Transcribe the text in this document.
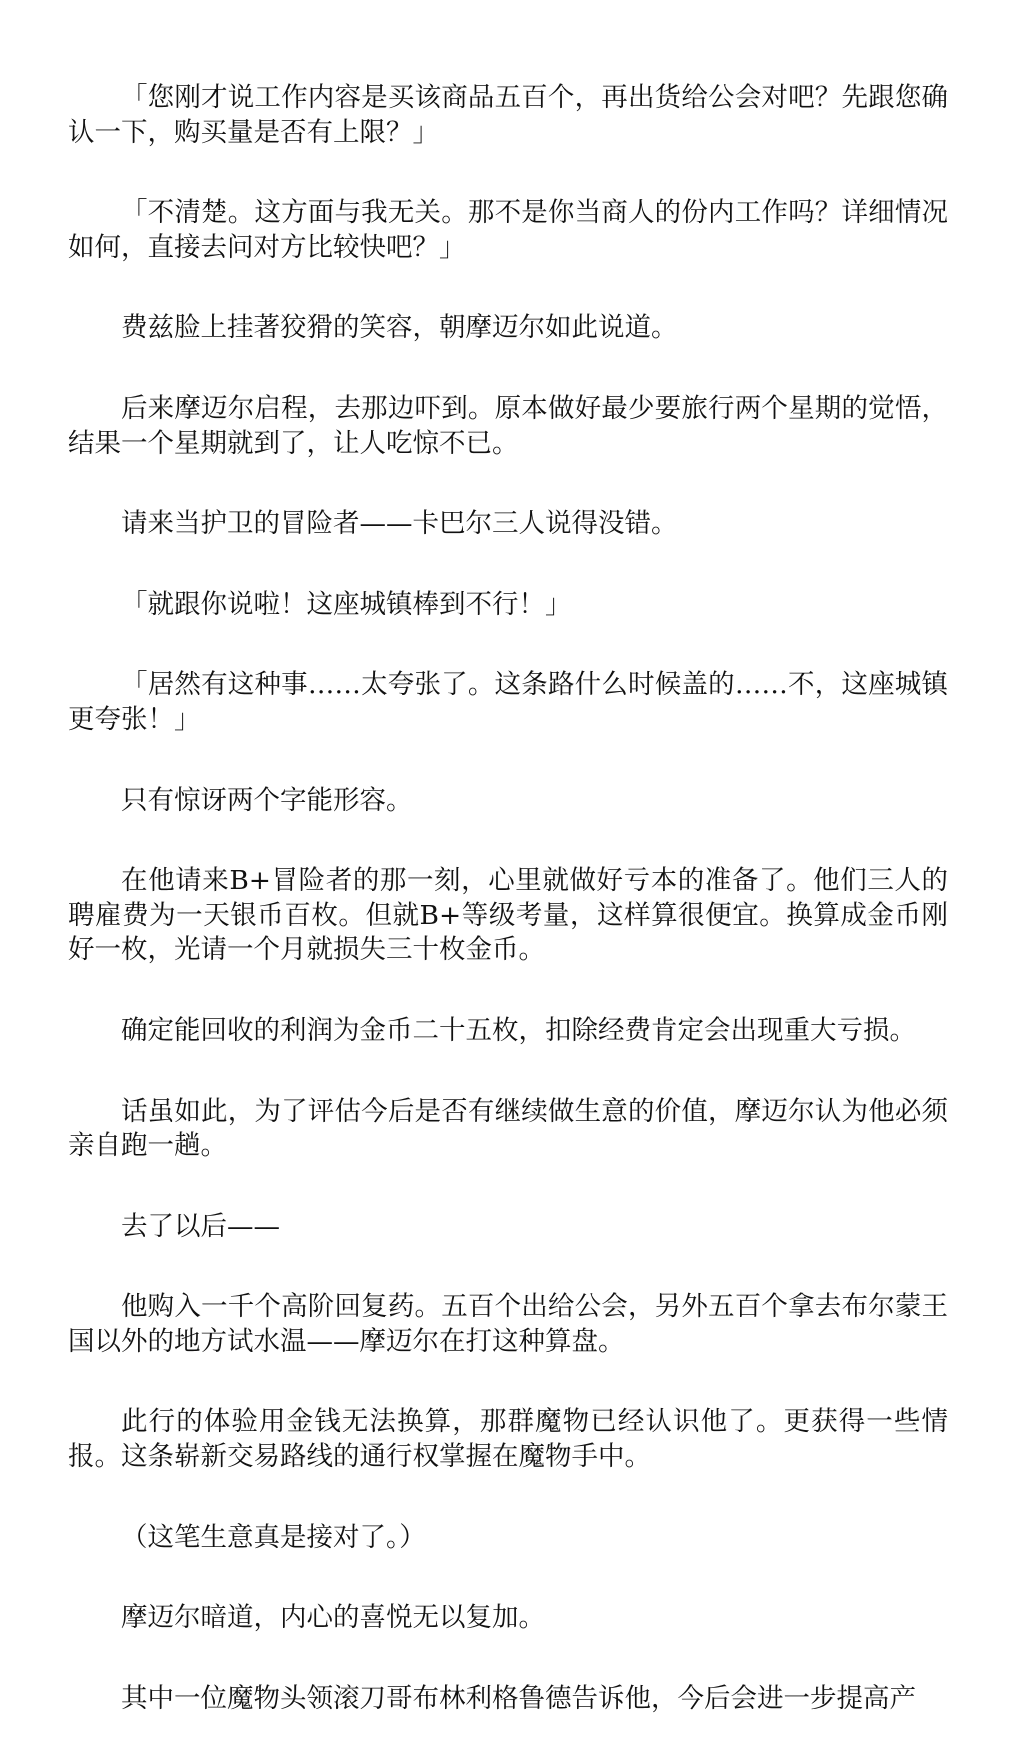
「您刚才说工作内容是买该商品五百个，再出货给公会对吧？先跟您确认一下，购买量是否有上限？」

「不清楚。这方面与我无关。那不是你当商人的份内工作吗？详细情况如何，直接去问对方比较快吧？」

费兹脸上挂著狡猾的笑容，朝摩迈尔如此说道。

后来摩迈尔启程，去那边吓到。原本做好最少要旅行两个星期的觉悟，结果一个星期就到了，让人吃惊不已。

请来当护卫的冒险者——卡巴尔三人说得没错。

「就跟你说啦！这座城镇棒到不行！」

「居然有这种事……太夸张了。这条路什么时候盖的……不，这座城镇更夸张！」

只有惊讶两个字能形容。

在他请来B+冒险者的那一刻，心里就做好亏本的准备了。他们三人的聘雇费为一天银币百枚。但就B+等级考量，这样算很便宜。换算成金币刚好一枚，光请一个月就损失三十枚金币。

确定能回收的利润为金币二十五枚，扣除经费肯定会出现重大亏损。

话虽如此，为了评估今后是否有继续做生意的价值，摩迈尔认为他必须亲自跑一趟。

去了以后——

他购入一千个高阶回复药。五百个出给公会，另外五百个拿去布尔蒙王国以外的地方试水温——摩迈尔在打这种算盘。

此行的体验用金钱无法换算，那群魔物已经认识他了。更获得一些情报。这条崭新交易路线的通行权掌握在魔物手中。

（这笔生意真是接对了。）

摩迈尔暗道，内心的喜悦无以复加。

其中一位魔物头领滚刀哥布林利格鲁德告诉他，今后会进一步提高产
